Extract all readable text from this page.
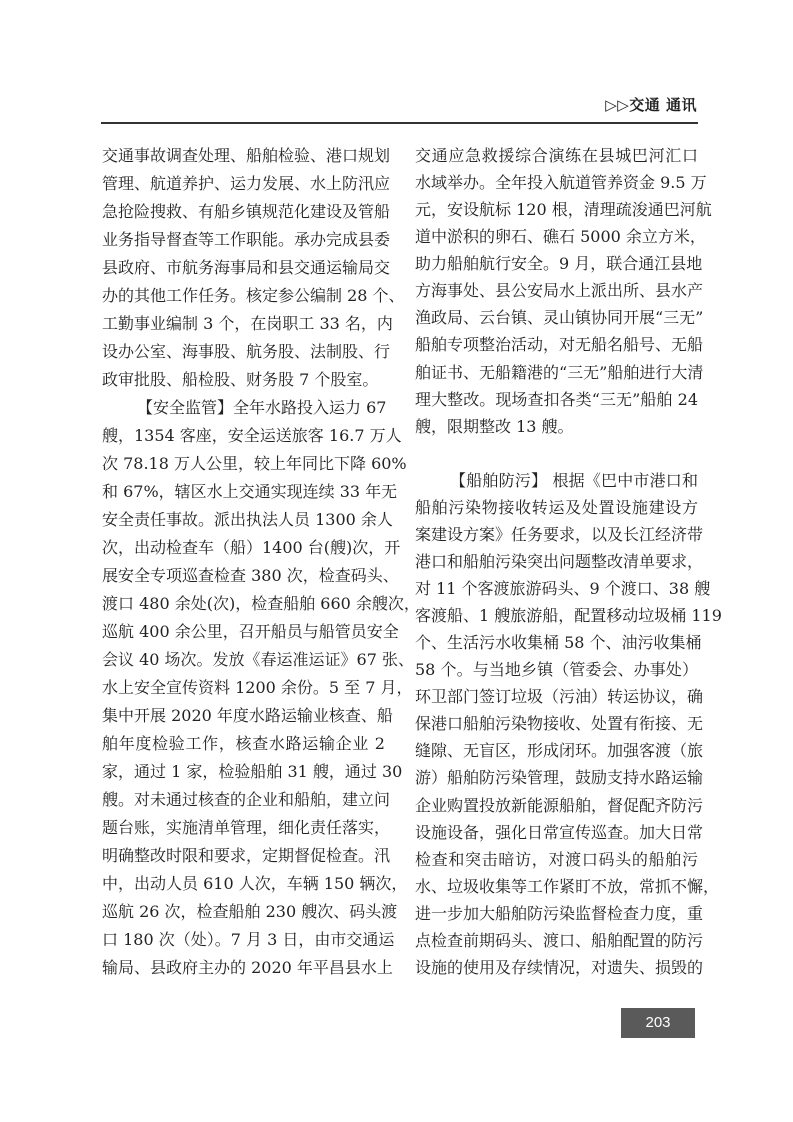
▷▷交通 通讯
交通事故调查处理、船舶检验、港口规划
管理、航道养护、运力发展、水上防汛应
急抢险搜救、有船乡镇规范化建设及管船
业务指导督查等工作职能。承办完成县委
县政府、市航务海事局和县交通运输局交
办的其他工作任务。核定参公编制 28 个、
工勤事业编制 3 个，在岗职工 33 名，内
设办公室、海事股、航务股、法制股、行
政审批股、船检股、财务股 7 个股室。
【安全监管】全年水路投入运力 67
艘，1354 客座，安全运送旅客 16.7 万人
次 78.18 万人公里，较上年同比下降 60%
和 67%，辖区水上交通实现连续 33 年无
安全责任事故。派出执法人员 1300 余人
次，出动检查车（船）1400 台(艘)次，开
展安全专项巡查检查 380 次，检查码头、
渡口 480 余处(次)，检查船舶 660 余艘次，
巡航 400 余公里，召开船员与船管员安全
会议 40 场次。发放《春运准运证》67 张、
水上安全宣传资料 1200 余份。5 至 7 月，
集中开展 2020 年度水路运输业核查、船
舶年度检验工作，核查水路运输企业 2
家，通过 1 家，检验船舶 31 艘，通过 30
艘。对未通过核查的企业和船舶，建立问
题台账，实施清单管理，细化责任落实，
明确整改时限和要求，定期督促检查。汛
中，出动人员 610 人次，车辆 150 辆次，
巡航 26 次，检查船舶 230 艘次、码头渡
口 180 次（处）。7 月 3 日，由市交通运
输局、县政府主办的 2020 年平昌县水上
交通应急救援综合演练在县城巴河汇口
水域举办。全年投入航道管养资金 9.5 万
元，安设航标 120 根，清理疏浚通巴河航
道中淤积的卵石、礁石 5000 余立方米，
助力船舶航行安全。9 月，联合通江县地
方海事处、县公安局水上派出所、县水产
渔政局、云台镇、灵山镇协同开展“三无”
船舶专项整治活动，对无船名船号、无船
舶证书、无船籍港的“三无”船舶进行大清
理大整改。现场查扣各类“三无”船舶 24
艘，限期整改 13 艘。
【船舶防污】 根据《巴中市港口和
船舶污染物接收转运及处置设施建设方
案建设方案》任务要求，以及长江经济带
港口和船舶污染突出问题整改清单要求，
对 11 个客渡旅游码头、9 个渡口、38 艘
客渡船、1 艘旅游船，配置移动垃圾桶 119
个、生活污水收集桶 58 个、油污收集桶
58 个。与当地乡镇（管委会、办事处）
环卫部门签订垃圾（污油）转运协议，确
保港口船舶污染物接收、处置有衔接、无
缝隙、无盲区，形成闭环。加强客渡（旅
游）船舶防污染管理，鼓励支持水路运输
企业购置投放新能源船舶，督促配齐防污
设施设备，强化日常宣传巡查。加大日常
检查和突击暗访，对渡口码头的船舶污
水、垃圾收集等工作紧盯不放，常抓不懈，
进一步加大船舶防污染监督检查力度，重
点检查前期码头、渡口、船舶配置的防污
设施的使用及存续情况，对遗失、损毁的
203
